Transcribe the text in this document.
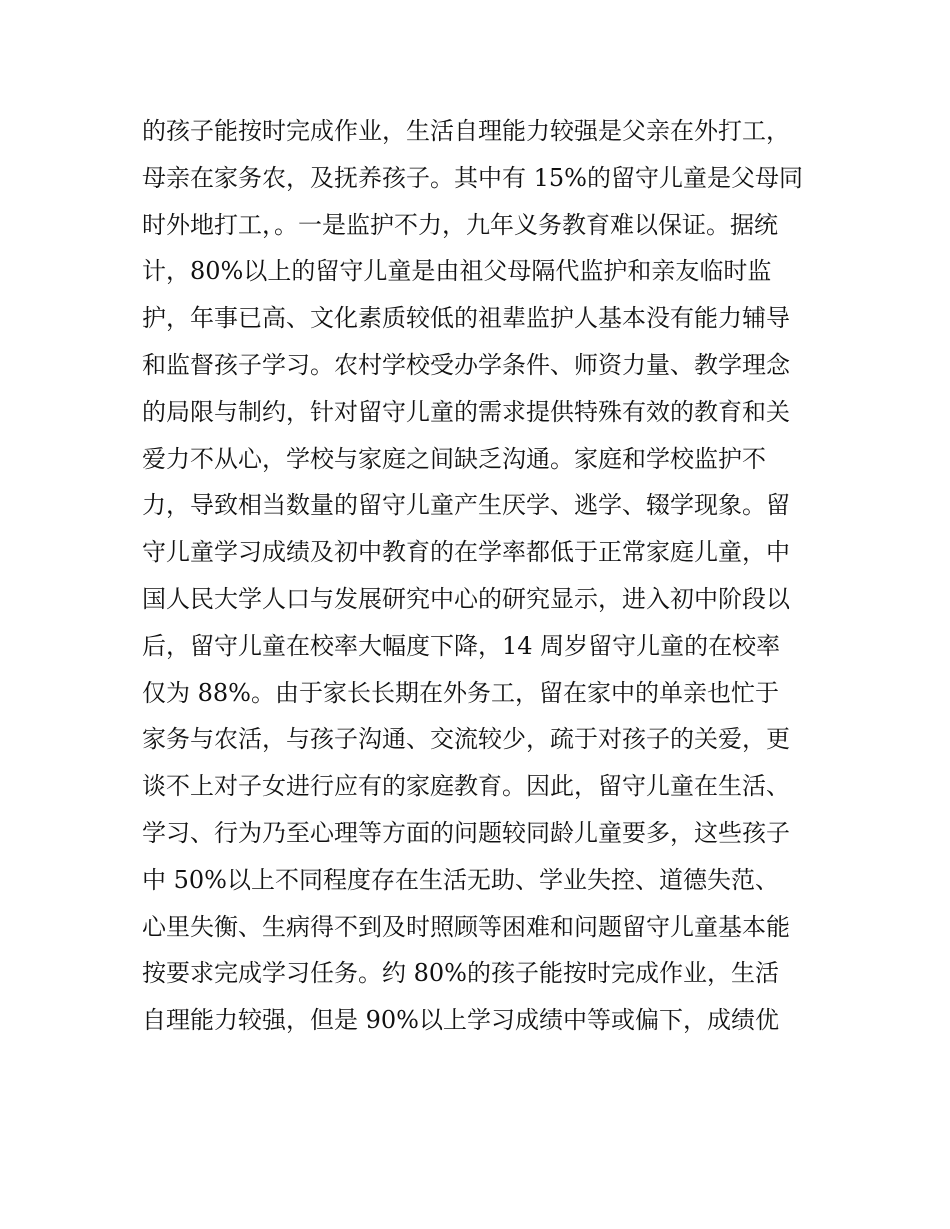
的孩子能按时完成作业，生活自理能力较强是父亲在外打工，
母亲在家务农，及抚养孩子。其中有 15%的留守儿童是父母同
时外地打工，。一是监护不力，九年义务教育难以保证。据统
计，80%以上的留守儿童是由祖父母隔代监护和亲友临时监
护，年事已高、文化素质较低的祖辈监护人基本没有能力辅导
和监督孩子学习。农村学校受办学条件、师资力量、教学理念
的局限与制约，针对留守儿童的需求提供特殊有效的教育和关
爱力不从心，学校与家庭之间缺乏沟通。家庭和学校监护不
力，导致相当数量的留守儿童产生厌学、逃学、辍学现象。留
守儿童学习成绩及初中教育的在学率都低于正常家庭儿童，中
国人民大学人口与发展研究中心的研究显示，进入初中阶段以
后，留守儿童在校率大幅度下降，14 周岁留守儿童的在校率
仅为 88%。由于家长长期在外务工，留在家中的单亲也忙于
家务与农活，与孩子沟通、交流较少，疏于对孩子的关爱，更
谈不上对子女进行应有的家庭教育。因此，留守儿童在生活、
学习、行为乃至心理等方面的问题较同龄儿童要多，这些孩子
中 50%以上不同程度存在生活无助、学业失控、道德失范、
心里失衡、生病得不到及时照顾等困难和问题留守儿童基本能
按要求完成学习任务。约 80%的孩子能按时完成作业，生活
自理能力较强，但是 90%以上学习成绩中等或偏下，成绩优
